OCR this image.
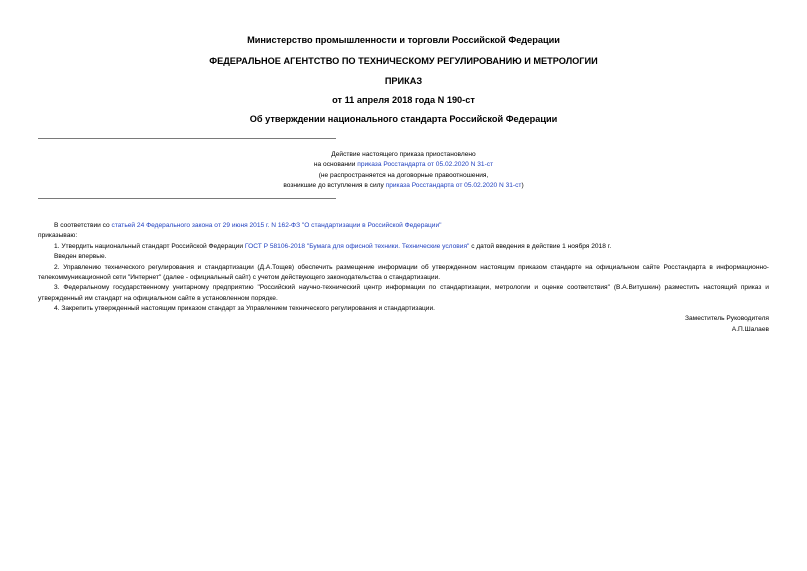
Министерство промышленности и торговли Российской Федерации
ФЕДЕРАЛЬНОЕ АГЕНТСТВО ПО ТЕХНИЧЕСКОМУ РЕГУЛИРОВАНИЮ И МЕТРОЛОГИИ
ПРИКАЗ
от 11 апреля 2018 года N 190-ст
Об утверждении национального стандарта Российской Федерации
Действие настоящего приказа приостановлено
на основании приказа Росстандарта от 05.02.2020 N 31-ст
(не распространяется на договорные правоотношения,
возникшие до вступления в силу приказа Росстандарта от 05.02.2020 N 31-ст)

В соответствии со статьей 24 Федерального закона от 29 июня 2015 г. N 162-ФЗ "О стандартизации в Российской Федерации"

приказываю:

1. Утвердить национальный стандарт Российской Федерации ГОСТ Р 58106-2018 "Бумага для офисной техники. Технические условия" с датой введения в действие 1 ноября 2018 г.

Введен впервые.

2. Управлению технического регулирования и стандартизации (Д.А.Тощев) обеспечить размещение информации об утвержденном настоящим приказом стандарте на официальном сайте Росстандарта в информационно-телекоммуникационной сети "Интернет" (далее - официальный сайт) с учетом действующего законодательства о стандартизации.

3. Федеральному государственному унитарному предприятию "Российский научно-технический центр информации по стандартизации, метрологии и оценке соответствия" (В.А.Витушкин) разместить настоящий приказ и утвержденный им стандарт на официальном сайте в установленном порядке.

4. Закрепить утвержденный настоящим приказом стандарт за Управлением технического регулирования и стандартизации.

Заместитель Руководителя
А.П.Шалаев
